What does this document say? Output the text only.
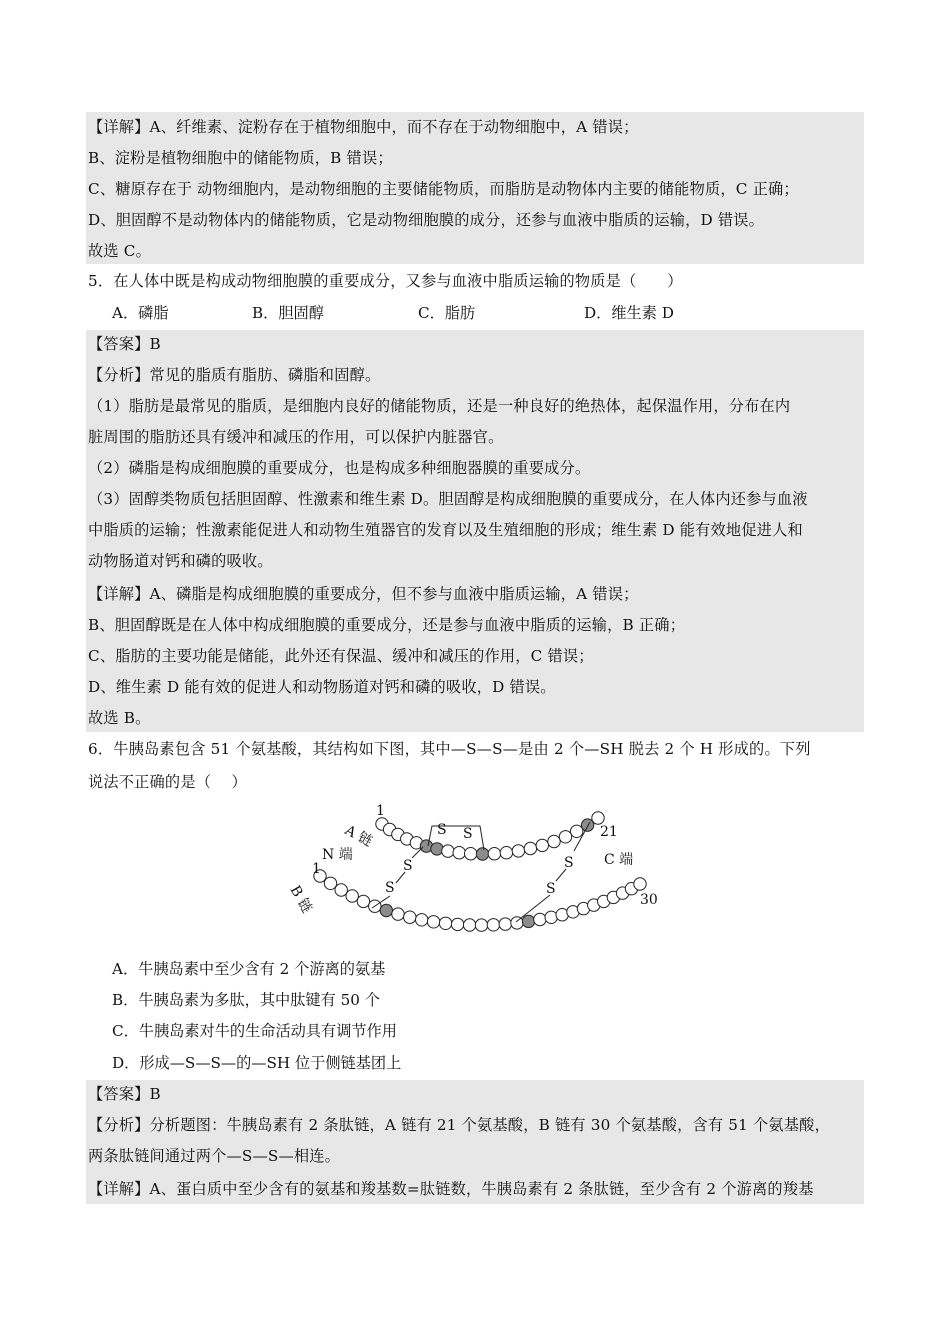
【详解】A、纤维素、淀粉存在于植物细胞中，而不存在于动物细胞中，A 错误；
B、淀粉是植物细胞中的储能物质，B 错误；
C、糖原存在于 动物细胞内，是动物细胞的主要储能物质，而脂肪是动物体内主要的储能物质，C 正确；
D、胆固醇不是动物体内的储能物质，它是动物细胞膜的成分，还参与血液中脂质的运输，D 错误。
故选 C。
5．在人体中既是构成动物细胞膜的重要成分，又参与血液中脂质运输的物质是（　　）
A．磷脂	B．胆固醇	C．脂肪	D．维生素 D
【答案】B
【分析】常见的脂质有脂肪、磷脂和固醇。
（1）脂肪是最常见的脂质，是细胞内良好的储能物质，还是一种良好的绝热体，起保温作用，分布在内
脏周围的脂肪还具有缓冲和减压的作用，可以保护内脏器官。
（2）磷脂是构成细胞膜的重要成分，也是构成多种细胞器膜的重要成分。
（3）固醇类物质包括胆固醇、性激素和维生素 D。胆固醇是构成细胞膜的重要成分，在人体内还参与血液
中脂质的运输；性激素能促进人和动物生殖器官的发育以及生殖细胞的形成；维生素 D 能有效地促进人和
动物肠道对钙和磷的吸收。
【详解】A、磷脂是构成细胞膜的重要成分，但不参与血液中脂质运输，A 错误；
B、胆固醇既是在人体中构成细胞膜的重要成分，还是参与血液中脂质的运输，B 正确；
C、脂肪的主要功能是储能，此外还有保温、缓冲和减压的作用，C 错误；
D、维生素 D 能有效的促进人和动物肠道对钙和磷的吸收，D 错误。
故选 B。
6．牛胰岛素包含 51 个氨基酸，其结构如下图，其中—S—S—是由 2 个—SH 脱去 2 个 H 形成的。下列
说法不正确的是（　 ）
S S
S
S
S
S
1
21
1
30
A 链
N 端	C 端
B 链
A．牛胰岛素中至少含有 2 个游离的氨基
B．牛胰岛素为多肽，其中肽键有 50 个
C．牛胰岛素对牛的生命活动具有调节作用
D．形成—S—S—的—SH 位于侧链基团上
【答案】B
【分析】分析题图：牛胰岛素有 2 条肽链，A 链有 21 个氨基酸，B 链有 30 个氨基酸，含有 51 个氨基酸，
两条肽链间通过两个—S—S—相连。
【详解】A、蛋白质中至少含有的氨基和羧基数=肽链数，牛胰岛素有 2 条肽链，至少含有 2 个游离的羧基
